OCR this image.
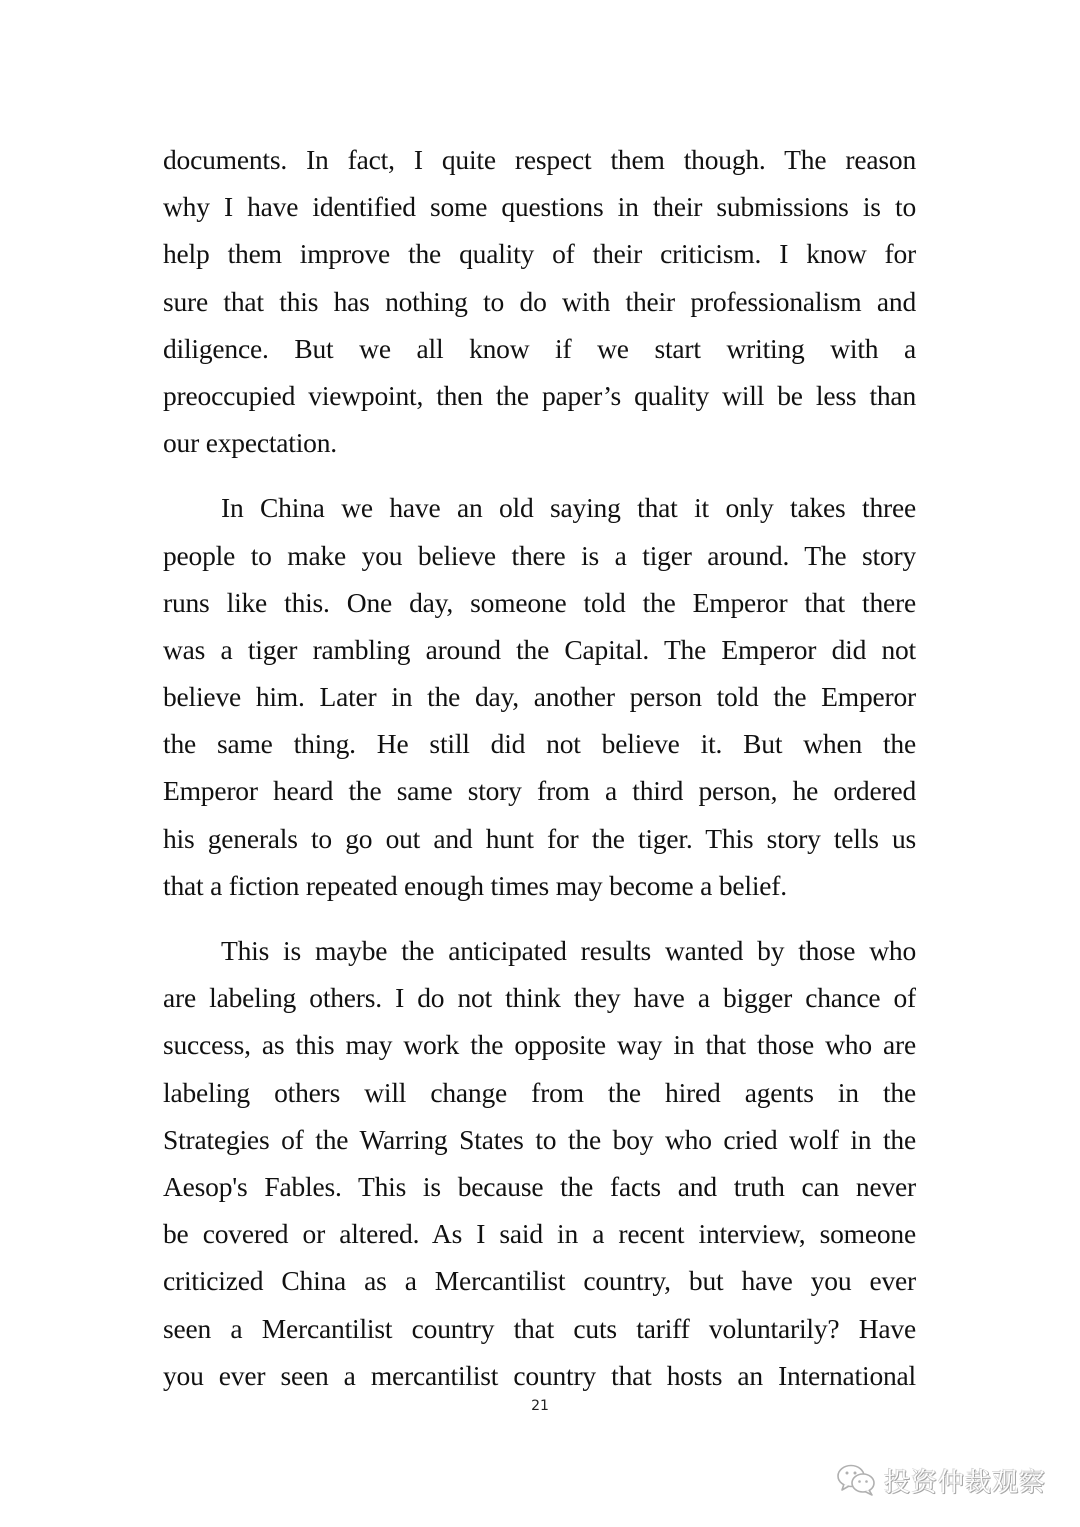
documents. In fact, I quite respect them though. The reason
why I have identified some questions in their submissions is to
help them improve the quality of their criticism. I know for
sure that this has nothing to do with their professionalism and
diligence. But we all know if we start writing with a
preoccupied viewpoint, then the paper’s quality will be less than
our expectation.
In China we have an old saying that it only takes three
people to make you believe there is a tiger around. The story
runs like this. One day, someone told the Emperor that there
was a tiger rambling around the Capital. The Emperor did not
believe him. Later in the day, another person told the Emperor
the same thing. He still did not believe it. But when the
Emperor heard the same story from a third person, he ordered
his generals to go out and hunt for the tiger. This story tells us
that a fiction repeated enough times may become a belief.
This is maybe the anticipated results wanted by those who
are labeling others. I do not think they have a bigger chance of
success, as this may work the opposite way in that those who are
labeling others will change from the hired agents in the
Strategies of the Warring States to the boy who cried wolf in the
Aesop's Fables. This is because the facts and truth can never
be covered or altered. As I said in a recent interview, someone
criticized China as a Mercantilist country, but have you ever
seen a Mercantilist country that cuts tariff voluntarily? Have
you ever seen a mercantilist country that hosts an International
21
投资仲裁观察
